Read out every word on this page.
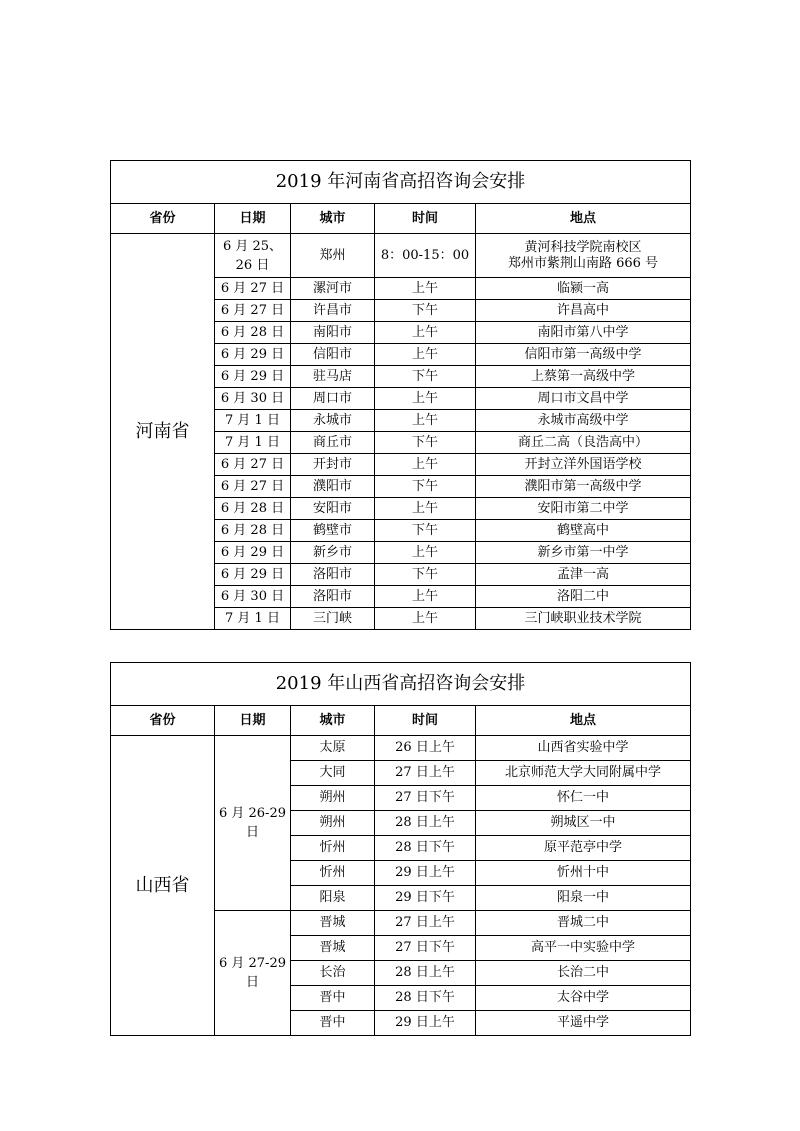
2019 年河南省高招咨询会安排				
省份	日期	城市	时间	地点
河南省	6 月 25、26 日	郑州	8：00-15：00	黄河科技学院南校区
郑州市紫荆山南路 666 号

	6 月 27 日	漯河市	上午	临颍一高
	6 月 27 日	许昌市	下午	许昌高中
	6 月 28 日	南阳市	上午	南阳市第八中学
	6 月 29 日	信阳市	上午	信阳市第一高级中学
	6 月 29 日	驻马店	下午	上蔡第一高级中学
	6 月 30 日	周口市	上午	周口市文昌中学
	7 月 1 日	永城市	上午	永城市高级中学
	7 月 1 日	商丘市	下午	商丘二高（良浩高中）
	6 月 27 日	开封市	上午	开封立洋外国语学校
	6 月 27 日	濮阳市	下午	濮阳市第一高级中学
	6 月 28 日	安阳市	上午	安阳市第二中学
	6 月 28 日	鹤壁市	下午	鹤壁高中
	6 月 29 日	新乡市	上午	新乡市第一中学
	6 月 29 日	洛阳市	下午	孟津一高
	6 月 30 日	洛阳市	上午	洛阳二中
	7 月 1 日	三门峡	上午	三门峡职业技术学院
2019 年山西省高招咨询会安排				
省份	日期	城市	时间	地点
山西省	6 月 26-29 日	太原	26 日上午	山西省实验中学
		大同	27 日上午	北京师范大学大同附属中学
		朔州	27 日下午	怀仁一中
		朔州	28 日上午	朔城区一中
		忻州	28 日下午	原平范亭中学
		忻州	29 日上午	忻州十中
		阳泉	29 日下午	阳泉一中
	6 月 27-29 日	晋城	27 日上午	晋城二中
		晋城	27 日下午	高平一中实验中学
		长治	28 日上午	长治二中
		晋中	28 日下午	太谷中学
		晋中	29 日上午	平遥中学
